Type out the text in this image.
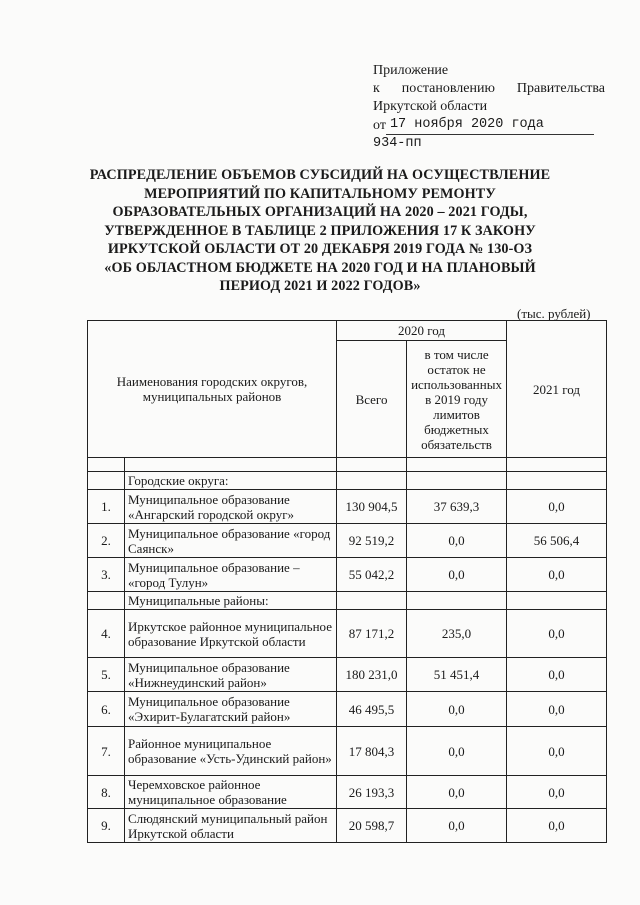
Приложение
к постановлению Правительства
Иркутской области
от 17 ноября 2020 года
934-пп
РАСПРЕДЕЛЕНИЕ ОБЪЕМОВ СУБСИДИЙ НА ОСУЩЕСТВЛЕНИЕ
МЕРОПРИЯТИЙ ПО КАПИТАЛЬНОМУ РЕМОНТУ
ОБРАЗОВАТЕЛЬНЫХ ОРГАНИЗАЦИЙ НА 2020 – 2021 ГОДЫ,
УТВЕРЖДЕННОЕ В ТАБЛИЦЕ 2 ПРИЛОЖЕНИЯ 17 К ЗАКОНУ
ИРКУТСКОЙ ОБЛАСТИ ОТ 20 ДЕКАБРЯ 2019 ГОДА № 130-ОЗ
«ОБ ОБЛАСТНОМ БЮДЖЕТЕ НА 2020 ГОД И НА ПЛАНОВЫЙ
ПЕРИОД 2021 И 2022 ГОДОВ»
(тыс. рублей)
Наименования городских округов, муниципальных районов		2020 год		2021 год
		Всего	в том числе остаток не использованных в 2019 году лимитов бюджетных обязательств	

	Городские округа:			
1.	Муниципальное образование «Ангарский городской округ»	130 904,5	37 639,3	0,0
2.	Муниципальное образование «город Саянск»	92 519,2	0,0	56 506,4
3.	Муниципальное образование – «город Тулун»	55 042,2	0,0	0,0
	Муниципальные районы:			
4.	Иркутское районное муниципальное образование Иркутской области	87 171,2	235,0	0,0
5.	Муниципальное образование «Нижнеудинский район»	180 231,0	51 451,4	0,0
6.	Муниципальное образование «Эхирит-Булагатский район»	46 495,5	0,0	0,0
7.	Районное муниципальное образование «Усть-Удинский район»	17 804,3	0,0	0,0
8.	Черемховское районное муниципальное образование	26 193,3	0,0	0,0
9.	Слюдянский муниципальный район Иркутской области	20 598,7	0,0	0,0
